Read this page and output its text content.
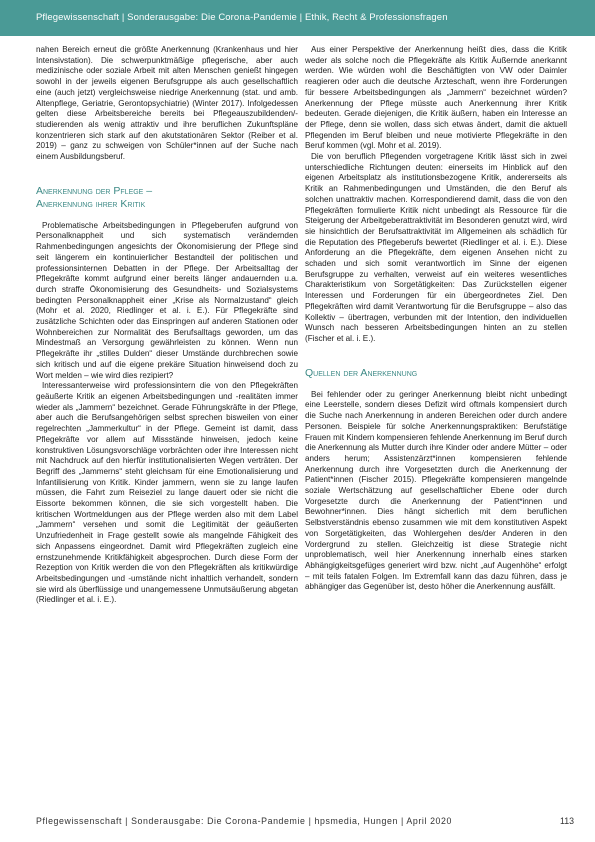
Pflegewissenschaft | Sonderausgabe: Die Corona-Pandemie | Ethik, Recht & Professionsfragen

nahen Bereich erneut die größte Anerkennung (Krankenhaus und hier Intensivstation). Die schwerpunktmäßige pflegerische, aber auch medizinische oder soziale Arbeit mit alten Menschen genießt hingegen sowohl in der jeweils eigenen Berufsgruppe als auch gesellschaftlich eine (auch jetzt) vergleichsweise niedrige Anerkennung (stat. und amb. Altenpflege, Geriatrie, Gerontopsychiatrie) (Winter 2017). Infolgedessen gelten diese Arbeitsbereiche bereits bei Pflegeauszubildenden/-studierenden als wenig attraktiv und ihre beruflichen Zukunftspläne konzentrieren sich stark auf den akutstationären Sektor (Reiber et al. 2019) – ganz zu schweigen von Schüler*innen auf der Suche nach einem Ausbildungsberuf.

Anerkennung der Pflege –
Anerkennung ihrer Kritik

Problematische Arbeitsbedingungen in Pflegeberufen aufgrund von Personalknappheit und sich systematisch verändernden Rahmenbedingungen angesichts der Ökonomisierung der Pflege sind seit längerem ein kontinuierlicher Bestandteil der politischen und professionsinternen Debatten in der Pflege. Der Arbeitsalltag der Pflegekräfte kommt aufgrund einer bereits länger andauernden u.a. durch straffe Ökonomisierung des Gesundheits- und Sozialsystems bedingten Personalknappheit einer „Krise als Normalzustand“ gleich (Mohr et al. 2020, Riedlinger et al. i. E.). Für Pflegekräfte sind zusätzliche Schichten oder das Einspringen auf anderen Stationen oder Wohnbereichen zur Normalität des Berufsalltags geworden, um das Mindestmaß an Versorgung gewährleisten zu können. Wenn nun Pflegekräfte ihr „stilles Dulden“ dieser Umstände durchbrechen sowie sich kritisch und auf die eigene prekäre Situation hinweisend doch zu Wort melden – wie wird dies rezipiert?

Interessanterweise wird professionsintern die von den Pflegekräften geäußerte Kritik an eigenen Arbeitsbedingungen und -realitäten immer wieder als „Jammern“ bezeichnet. Gerade Führungskräfte in der Pflege, aber auch die Berufsangehörigen selbst sprechen bisweilen von einer regelrechten „Jammerkultur“ in der Pflege. Gemeint ist damit, dass Pflegekräfte vor allem auf Missstände hinweisen, jedoch keine konstruktiven Lösungsvorschläge vorbrächten oder ihre Interessen nicht mit Nachdruck auf den hierfür institutionalisierten Wegen verträten. Der Begriff des „Jammerns“ steht gleichsam für eine Emotionalisierung und Infantilisierung von Kritik. Kinder jammern, wenn sie zu lange laufen müssen, die Fahrt zum Reiseziel zu lange dauert oder sie nicht die Eissorte bekommen können, die sie sich vorgestellt haben. Die kritischen Wortmeldungen aus der Pflege werden also mit dem Label „Jammern“ versehen und somit die Legitimität der geäußerten Unzufriedenheit in Frage gestellt sowie als mangelnde Fähigkeit des sich Anpassens eingeordnet. Damit wird Pflegekräften zugleich eine ernstzunehmende Kritikfähigkeit abgesprochen. Durch diese Form der Rezeption von Kritik werden die von den Pflegekräften als kritikwürdige Arbeitsbedingungen und -umstände nicht inhaltlich verhandelt, sondern sie wird als überflüssige und unangemessene Unmutsäußerung abgetan (Riedlinger et al. i. E.).

Aus einer Perspektive der Anerkennung heißt dies, dass die Kritik weder als solche noch die Pflegekräfte als Kritik Äußernde anerkannt werden. Wie würden wohl die Beschäftigten von VW oder Daimler reagieren oder auch die deutsche Ärzteschaft, wenn ihre Forderungen für bessere Arbeitsbedingungen als „Jammern“ bezeichnet würden? Anerkennung der Pflege müsste auch Anerkennung ihrer Kritik bedeuten. Gerade diejenigen, die Kritik äußern, haben ein Interesse an der Pflege, denn sie wollen, dass sich etwas ändert, damit die aktuell Pflegenden im Beruf bleiben und neue motivierte Pflegekräfte in den Beruf kommen (vgl. Mohr et al. 2019).

Die von beruflich Pflegenden vorgetragene Kritik lässt sich in zwei unterschiedliche Richtungen deuten: einerseits im Hinblick auf den eigenen Arbeitsplatz als institutionsbezogene Kritik, andererseits als Kritik an Rahmenbedingungen und Umständen, die den Beruf als solchen unattraktiv machen. Korrespondierend damit, dass die von den Pflegekräften formulierte Kritik nicht unbedingt als Ressource für die Steigerung der Arbeitgeberattraktivität im Besonderen genutzt wird, wird sie hinsichtlich der Berufsattraktivität im Allgemeinen als schädlich für die Reputation des Pflegeberufs bewertet (Riedlinger et al. i. E.). Diese Anforderung an die Pflegekräfte, dem eigenen Ansehen nicht zu schaden und sich somit verantwortlich im Sinne der eigenen Berufsgruppe zu verhalten, verweist auf ein weiteres wesentliches Charakteristikum von Sorgetätigkeiten: Das Zurückstellen eigener Interessen und Forderungen für ein übergeordnetes Ziel. Den Pflegekräften wird damit Verantwortung für die Berufsgruppe – also das Kollektiv – übertragen, verbunden mit der Intention, den individuellen Wunsch nach besseren Arbeitsbedingungen hinten an zu stellen (Fischer et al. i. E.).

Quellen der Anerkennung

Bei fehlender oder zu geringer Anerkennung bleibt nicht unbedingt eine Leerstelle, sondern dieses Defizit wird oftmals kompensiert durch die Suche nach Anerkennung in anderen Bereichen oder durch andere Personen. Beispiele für solche Anerkennungspraktiken: Berufstätige Frauen mit Kindern kompensieren fehlende Anerkennung im Beruf durch die Anerkennung als Mutter durch ihre Kinder oder andere Mütter – oder anders herum; Assistenzärzt*innen kompensieren fehlende Anerkennung durch ihre Vorgesetzten durch die Anerkennung der Patient*innen (Fischer 2015). Pflegekräfte kompensieren mangelnde soziale Wertschätzung auf gesellschaftlicher Ebene oder durch Vorgesetzte durch die Anerkennung der Patient*innen und Bewohner*innen. Dies hängt sicherlich mit dem beruflichen Selbstverständnis ebenso zusammen wie mit dem konstitutiven Aspekt von Sorgetätigkeiten, das Wohlergehen des/der Anderen in den Vordergrund zu stellen. Gleichzeitig ist diese Strategie nicht unproblematisch, weil hier Anerkennung innerhalb eines starken Abhängigkeitsgefüges generiert wird bzw. nicht „auf Augenhöhe“ erfolgt – mit teils fatalen Folgen. Im Extremfall kann das dazu führen, dass je abhängiger das Gegenüber ist, desto höher die Anerkennung ausfällt.

Pflegewissenschaft | Sonderausgabe: Die Corona-Pandemie | hpsmedia, Hungen | April 2020	113
